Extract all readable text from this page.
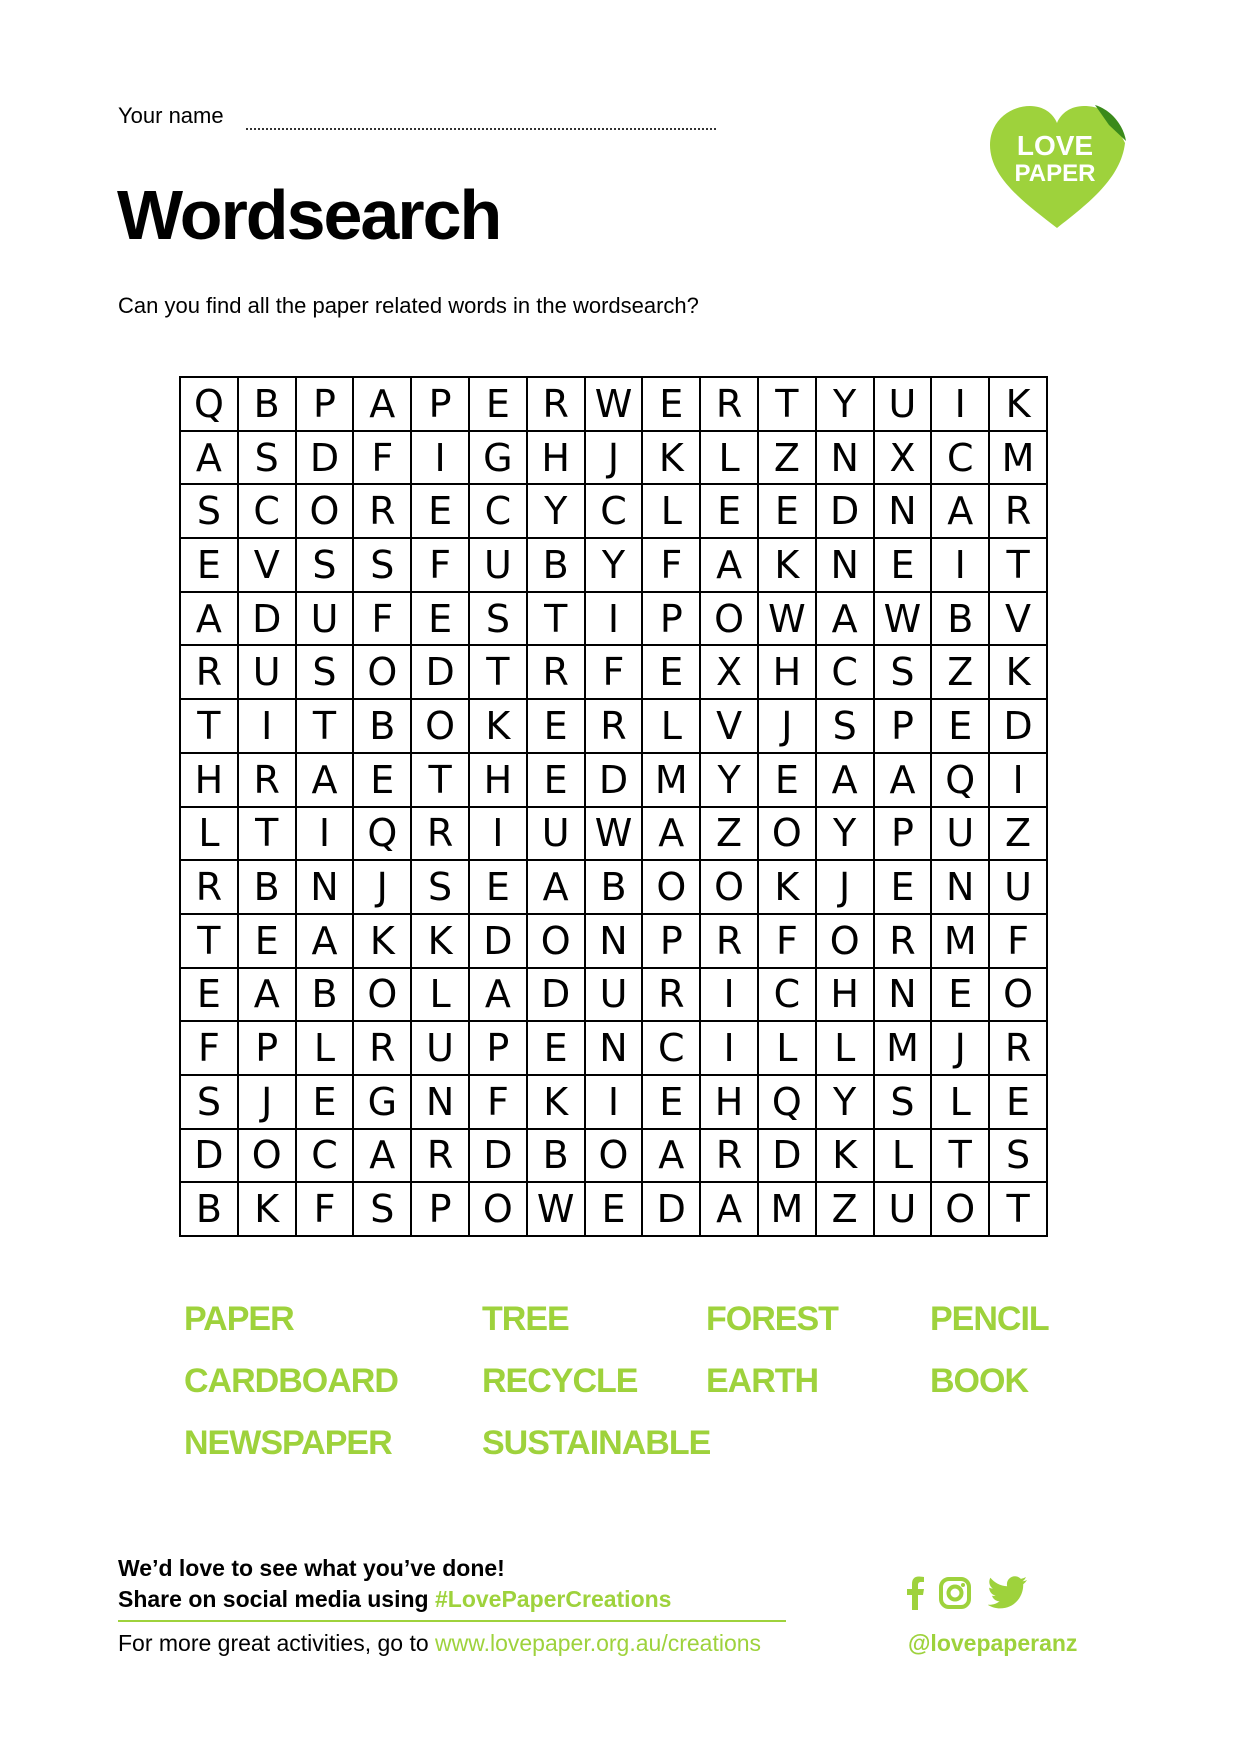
Your name
Wordsearch
Can you find all the paper related words in the wordsearch?
LOVE
PAPER
Q	B	P	A	P	E	R	W	E	R	T	Y	U	I	K
A	S	D	F	I	G	H	J	K	L	Z	N	X	C	M
S	C	O	R	E	C	Y	C	L	E	E	D	N	A	R
E	V	S	S	F	U	B	Y	F	A	K	N	E	I	T
A	D	U	F	E	S	T	I	P	O	W	A	W	B	V
R	U	S	O	D	T	R	F	E	X	H	C	S	Z	K
T	I	T	B	O	K	E	R	L	V	J	S	P	E	D
H	R	A	E	T	H	E	D	M	Y	E	A	A	Q	I
L	T	I	Q	R	I	U	W	A	Z	O	Y	P	U	Z
R	B	N	J	S	E	A	B	O	O	K	J	E	N	U
T	E	A	K	K	D	O	N	P	R	F	O	R	M	F
E	A	B	O	L	A	D	U	R	I	C	H	N	E	O
F	P	L	R	U	P	E	N	C	I	L	L	M	J	R
S	J	E	G	N	F	K	I	E	H	Q	Y	S	L	E
D	O	C	A	R	D	B	O	A	R	D	K	L	T	S
B	K	F	S	P	O	W	E	D	A	M	Z	U	O	T
PAPER
CARDBOARD
NEWSPAPER
TREE
RECYCLE
SUSTAINABLE
FOREST
EARTH
PENCIL
BOOK
We’d love to see what you’ve done!
Share on social media using #LovePaperCreations
For more great activities, go to www.lovepaper.org.au/creations	@lovepaperanz
